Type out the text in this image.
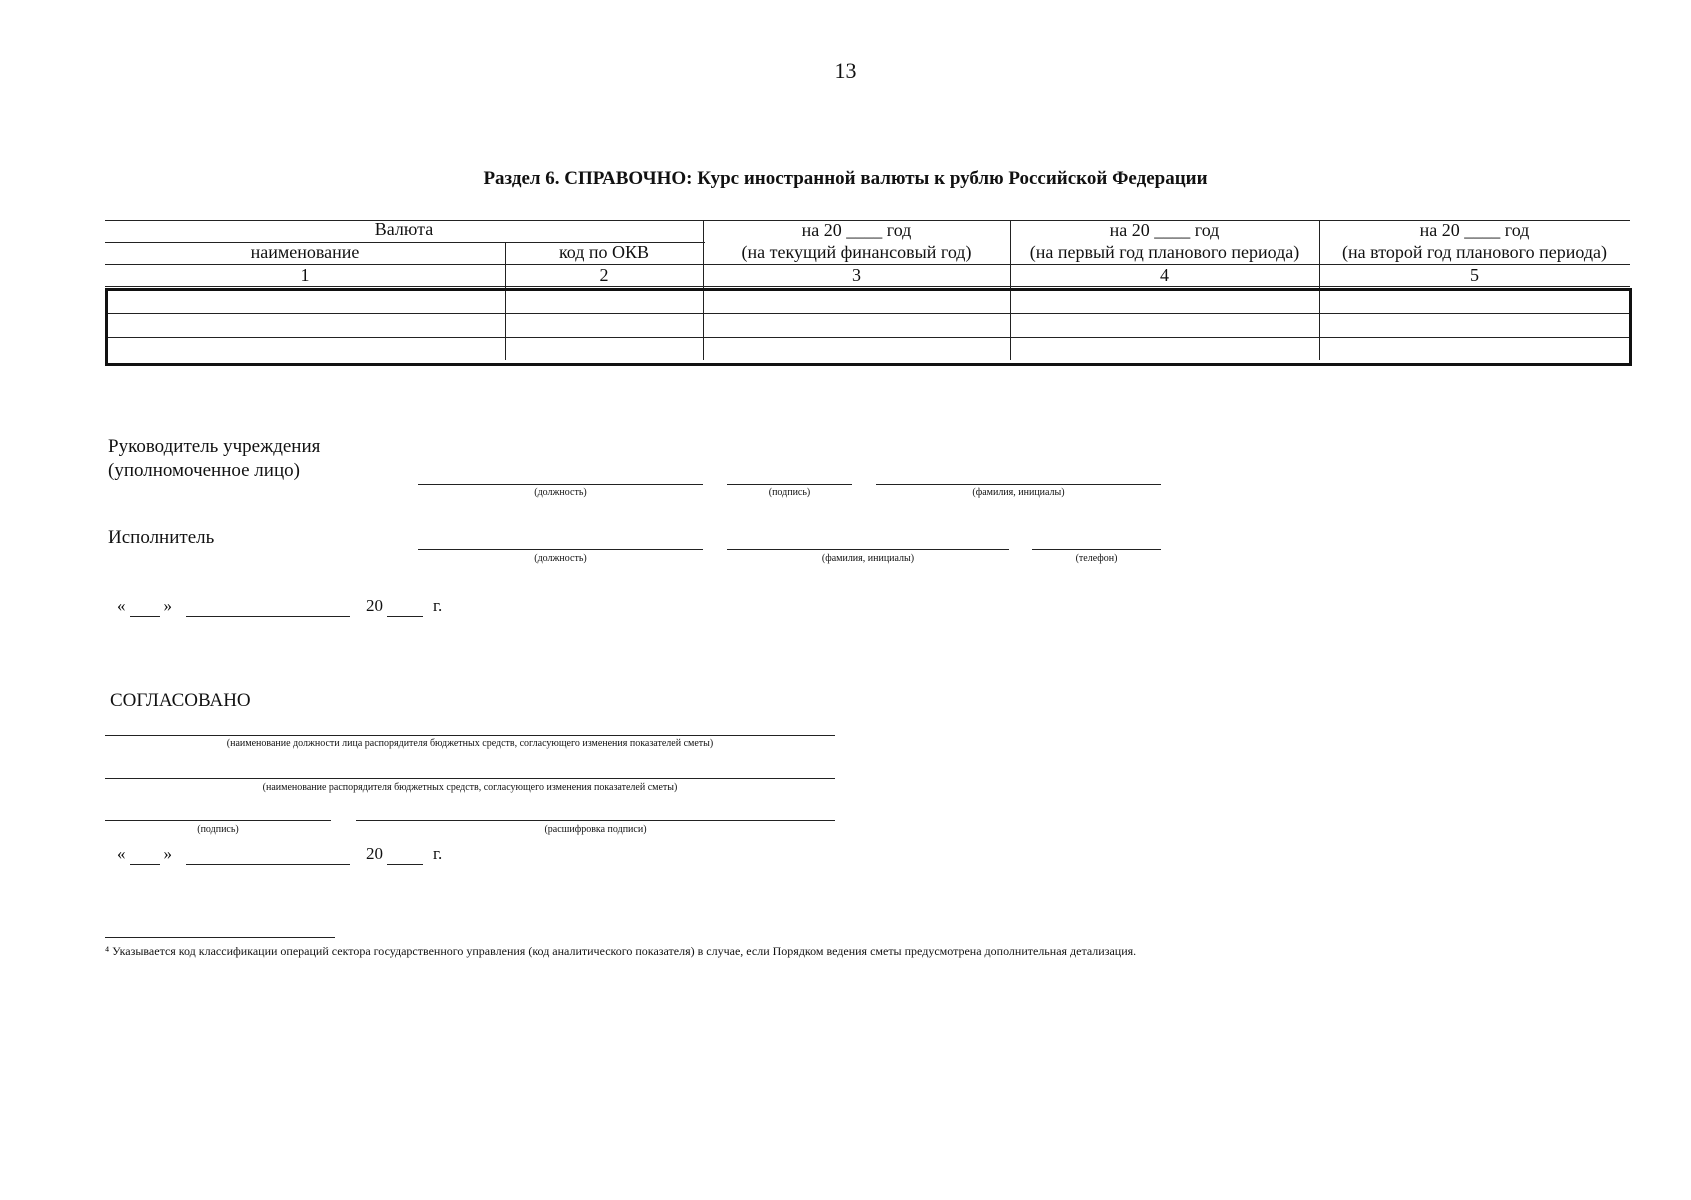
13
Раздел 6. СПРАВОЧНО: Курс иностранной валюты к рублю Российской Федерации
Валюта
наименование	код по ОКВ
на 20 ____ год
(на текущий финансовый год)
на 20 ____ год
(на первый год планового периода)
на 20 ____ год
(на второй год планового периода)
1	2	3	4	5
Руководитель учреждения
(уполномоченное лицо)
(должность)	(подпись)	(фамилия, инициалы)
Исполнитель
(должность)	(фамилия, инициалы)	(телефон)
« »	20	г.
СОГЛАСОВАНО
(наименование должности лица распорядителя бюджетных средств, согласующего изменения показателей сметы)
(наименование распорядителя бюджетных средств, согласующего изменения показателей сметы)
(подпись)	(расшифровка подписи)
« »	20	г.
⁴ Указывается код классификации операций сектора государственного управления (код аналитического показателя) в случае, если Порядком ведения сметы предусмотрена дополнительная детализация.
